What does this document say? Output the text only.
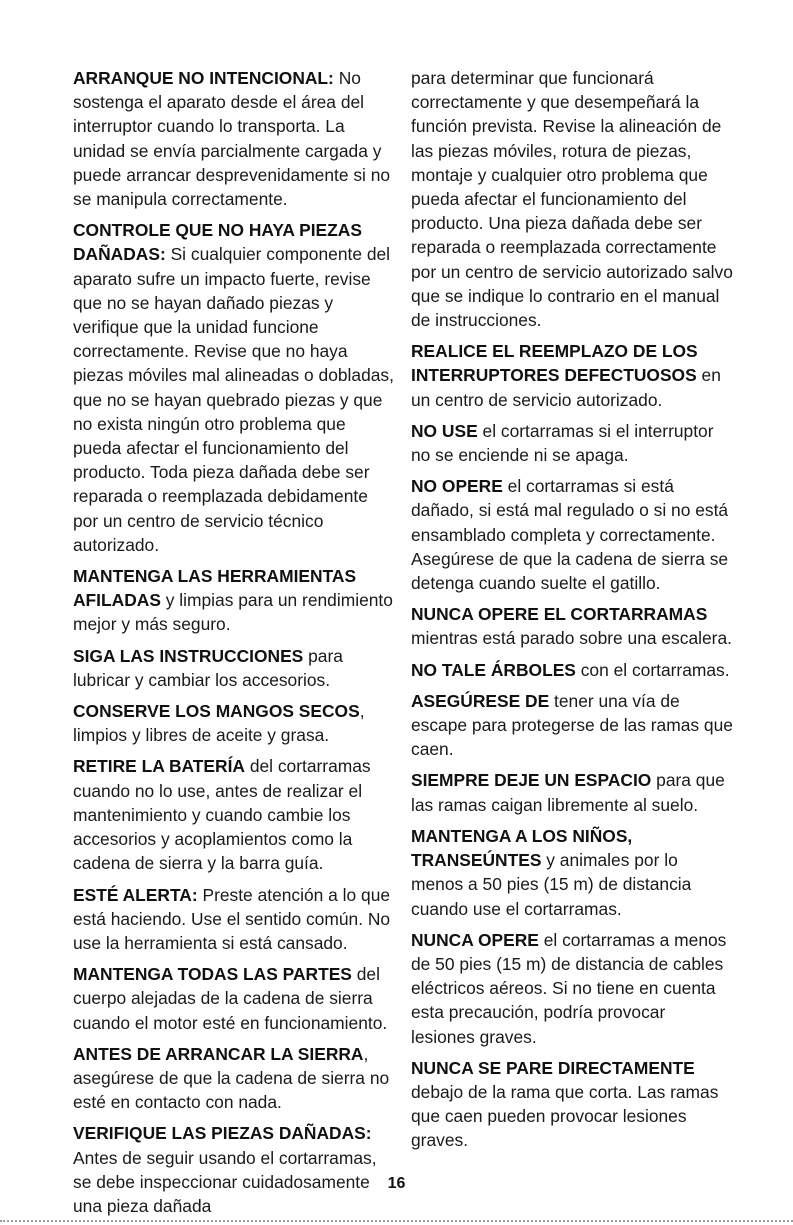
ARRANQUE NO INTENCIONAL: No sostenga el aparato desde el área del interruptor cuando lo transporta. La unidad se envía parcialmente cargada y puede arrancar desprevenidamente si no se manipula correctamente.

CONTROLE QUE NO HAYA PIEZAS DAÑADAS: Si cualquier componente del aparato sufre un impacto fuerte, revise que no se hayan dañado piezas y verifique que la unidad funcione correctamente. Revise que no haya piezas móviles mal alineadas o dobladas, que no se hayan quebrado piezas y que no exista ningún otro problema que pueda afectar el funcionamiento del producto. Toda pieza dañada debe ser reparada o reemplazada debidamente por un centro de servicio técnico autorizado.

MANTENGA LAS HERRAMIENTAS AFILADAS y limpias para un rendimiento mejor y más seguro.

SIGA LAS INSTRUCCIONES para lubricar y cambiar los accesorios.

CONSERVE LOS MANGOS SECOS, limpios y libres de aceite y grasa.

RETIRE LA BATERÍA del cortarramas cuando no lo use, antes de realizar el mantenimiento y cuando cambie los accesorios y acoplamientos como la cadena de sierra y la barra guía.

ESTÉ ALERTA: Preste atención a lo que está haciendo. Use el sentido común. No use la herramienta si está cansado.

MANTENGA TODAS LAS PARTES del cuerpo alejadas de la cadena de sierra cuando el motor esté en funcionamiento.

ANTES DE ARRANCAR LA SIERRA, asegúrese de que la cadena de sierra no esté en contacto con nada.

VERIFIQUE LAS PIEZAS DAÑADAS: Antes de seguir usando el cortarramas, se debe inspeccionar cuidadosamente una pieza dañada

para determinar que funcionará correctamente y que desempeñará la función prevista. Revise la alineación de las piezas móviles, rotura de piezas, montaje y cualquier otro problema que pueda afectar el funcionamiento del producto. Una pieza dañada debe ser reparada o reemplazada correctamente por un centro de servicio autorizado salvo que se indique lo contrario en el manual de instrucciones.

REALICE EL REEMPLAZO DE LOS INTERRUPTORES DEFECTUOSOS en un centro de servicio autorizado.

NO USE el cortarramas si el interruptor no se enciende ni se apaga.

NO OPERE el cortarramas si está dañado, si está mal regulado o si no está ensamblado completa y correctamente. Asegúrese de que la cadena de sierra se detenga cuando suelte el gatillo.

NUNCA OPERE EL CORTARRAMAS mientras está parado sobre una escalera.

NO TALE ÁRBOLES con el cortarramas.

ASEGÚRESE DE tener una vía de escape para protegerse de las ramas que caen.

SIEMPRE DEJE UN ESPACIO para que las ramas caigan libremente al suelo.

MANTENGA A LOS NIÑOS, TRANSEÚNTES y animales por lo menos a 50 pies (15 m) de distancia cuando use el cortarramas.

NUNCA OPERE el cortarramas a menos de 50 pies (15 m) de distancia de cables eléctricos aéreos. Si no tiene en cuenta esta precaución, podría provocar lesiones graves.

NUNCA SE PARE DIRECTAMENTE debajo de la rama que corta. Las ramas que caen pueden provocar lesiones graves.

16
